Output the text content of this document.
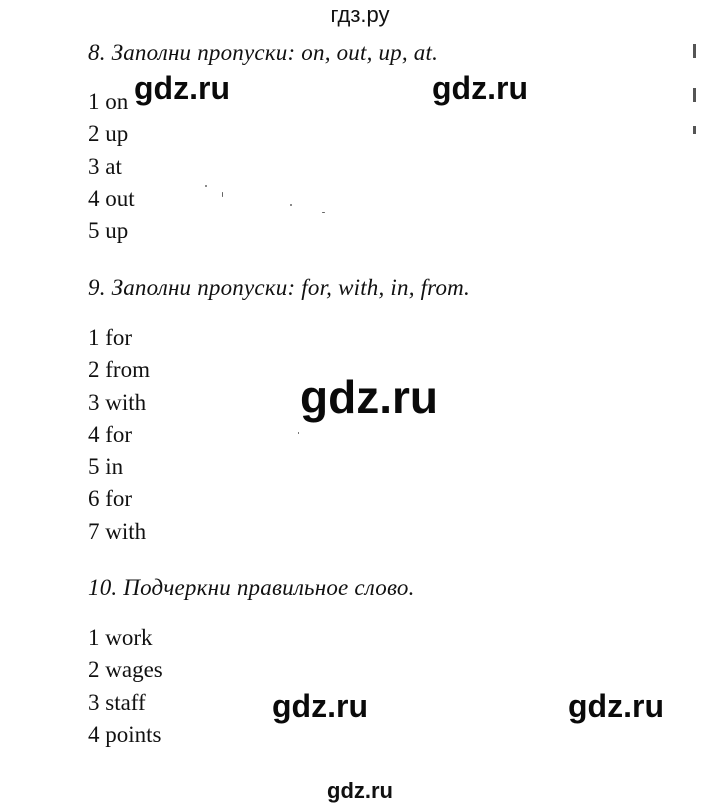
гдз.ру
8. Заполни пропуски: on, out, up, at.
1 on
2 up
3 at
4 out
5 up
9. Заполни пропуски: for, with, in, from.
1 for
2 from
3 with
4 for
5 in
6 for
7 with
10. Подчеркни правильное слово.
1 work
2 wages
3 staff
4 points
gdz.ru	gdz.ru
gdz.ru
gdz.ru	gdz.ru
gdz.ru
